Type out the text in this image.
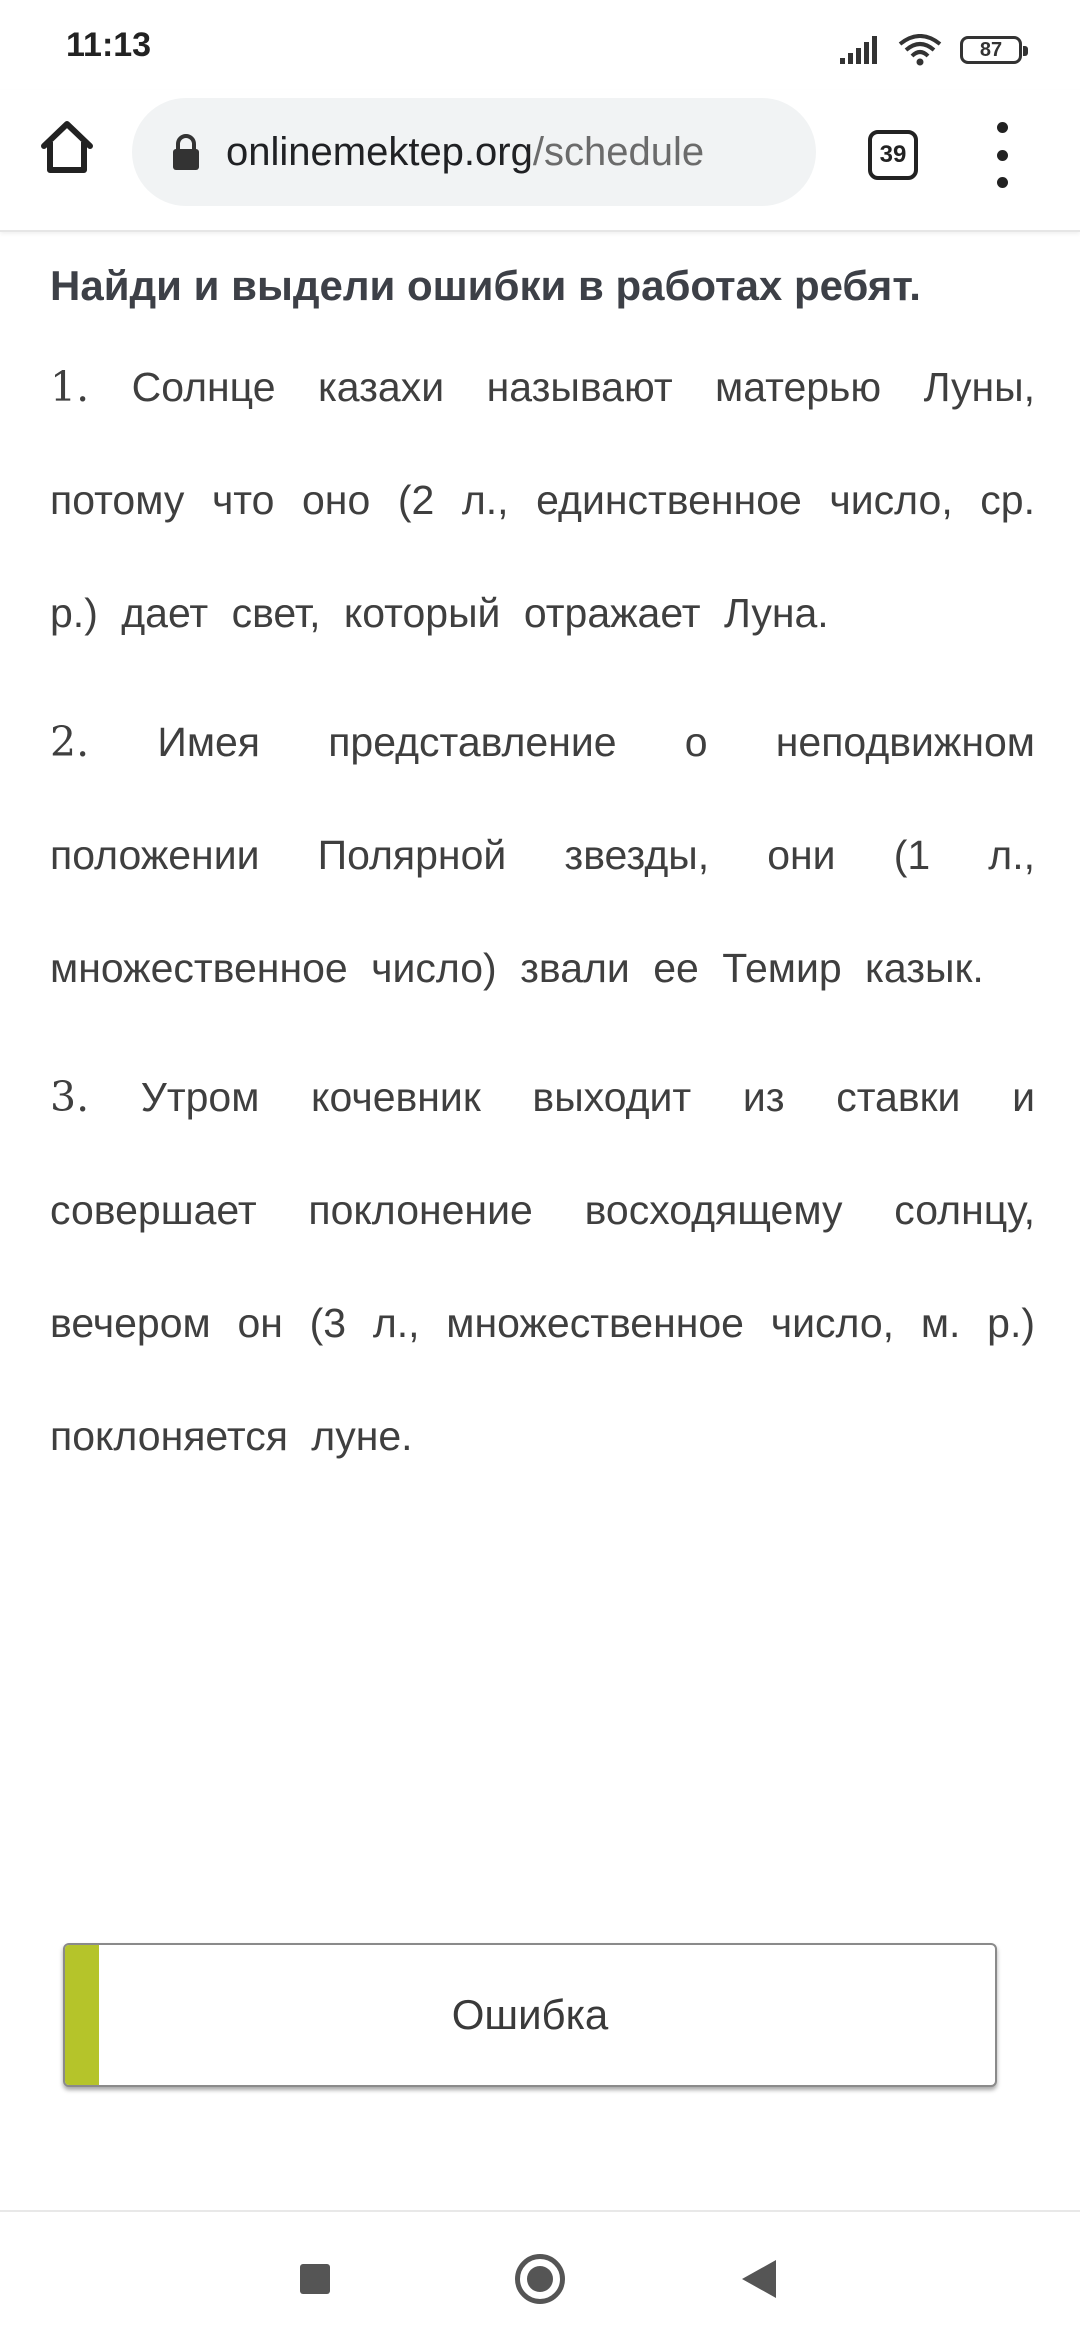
11:13	87
onlinemektep.org/schedule	39
Найди и выдели ошибки в работах ребят.

1. Солнце казахи называют матерью Луны, потому что оно (2 л., единственное число, ср. р.) дает свет, который отражает Луна.

2. Имея представление о неподвижном положении Полярной звезды, они (1 л., множественное число) звали ее Темир казык.

3. Утром кочевник выходит из ставки и совершает поклонение восходящему солнцу, вечером он (3 л., множественное число, м. р.) поклоняется луне.

Ошибка
